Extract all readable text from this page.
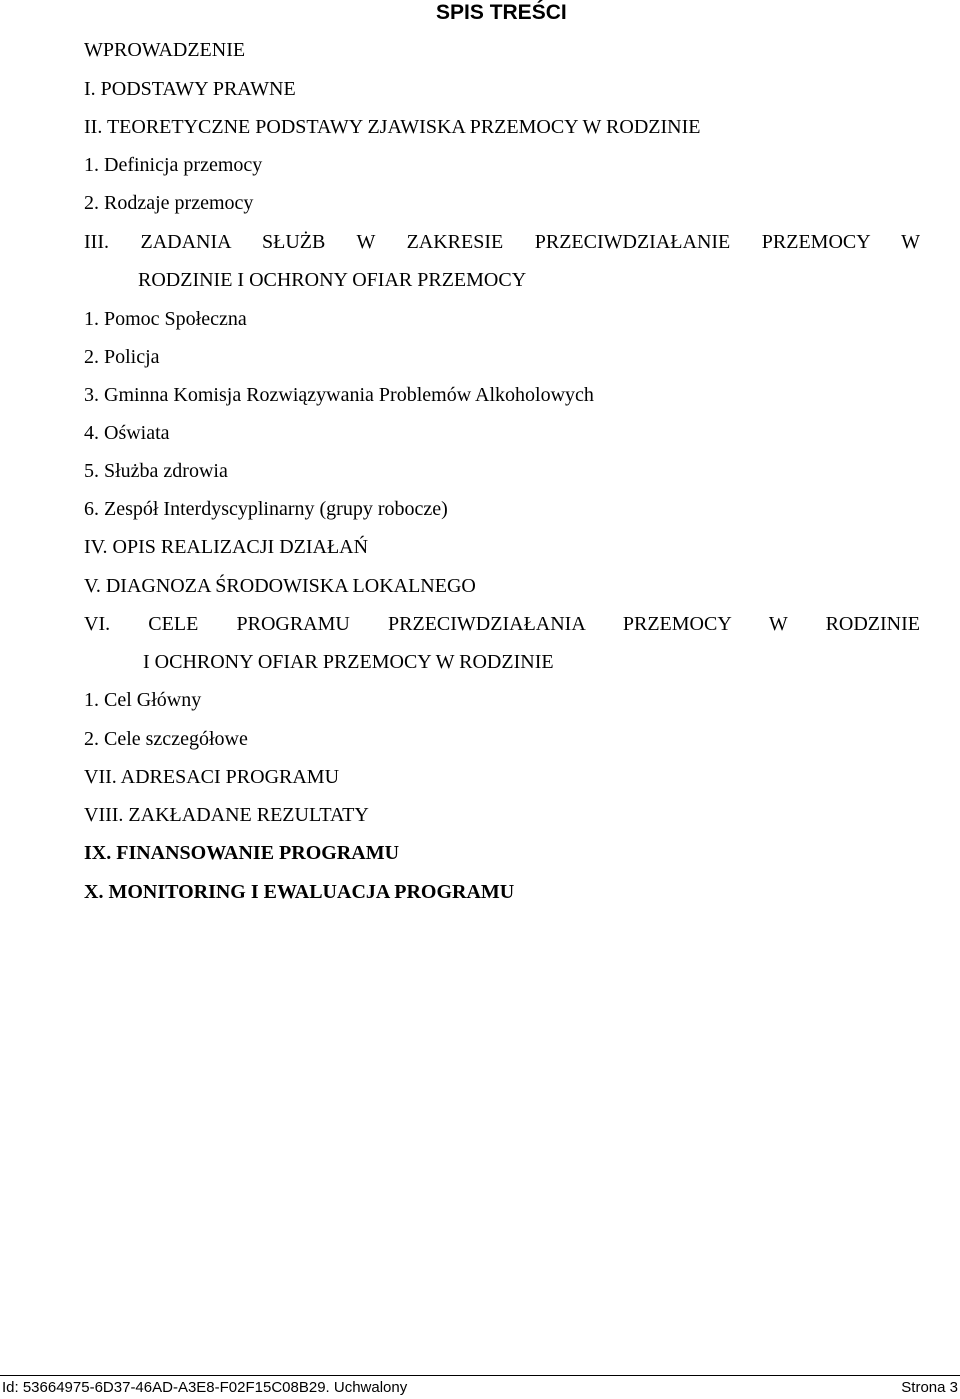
SPIS TREŚCI
WPROWADZENIE
I. PODSTAWY PRAWNE
II. TEORETYCZNE PODSTAWY ZJAWISKA PRZEMOCY W RODZINIE
1. Definicja przemocy
2. Rodzaje przemocy
III. ZADANIA SŁUŻB W ZAKRESIE PRZECIWDZIAŁANIE PRZEMOCY W
RODZINIE I OCHRONY OFIAR PRZEMOCY
1. Pomoc Społeczna
2. Policja
3. Gminna Komisja Rozwiązywania Problemów Alkoholowych
4. Oświata
5. Służba zdrowia
6. Zespół Interdyscyplinarny (grupy robocze)
IV. OPIS REALIZACJI DZIAŁAŃ
V. DIAGNOZA ŚRODOWISKA LOKALNEGO
VI. CELE PROGRAMU PRZECIWDZIAŁANIA PRZEMOCY W RODZINIE
I OCHRONY OFIAR PRZEMOCY W RODZINIE
1. Cel Główny
2. Cele szczegółowe
VII. ADRESACI PROGRAMU
VIII. ZAKŁADANE REZULTATY
IX. FINANSOWANIE PROGRAMU
X. MONITORING I EWALUACJA PROGRAMU
Id: 53664975-6D37-46AD-A3E8-F02F15C08B29. Uchwalony	Strona 3
